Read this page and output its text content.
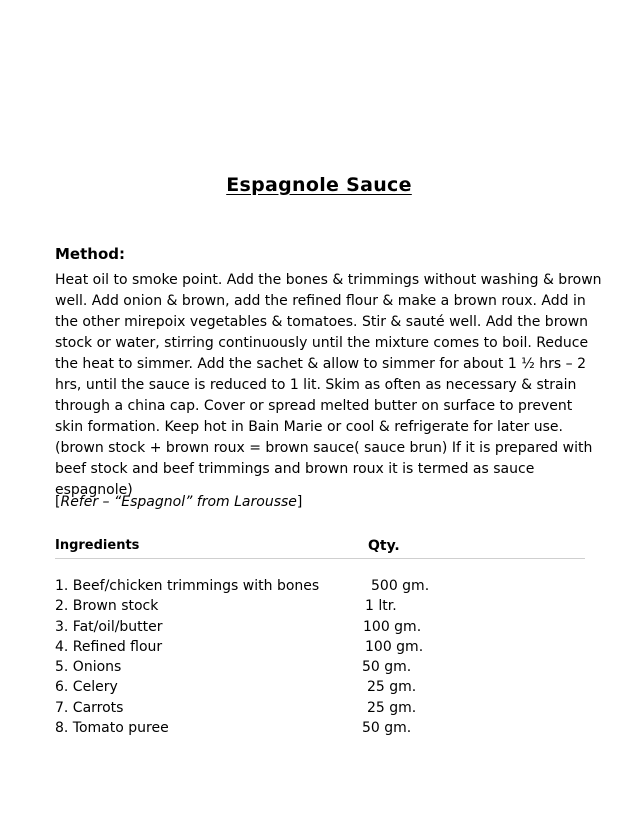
Espagnole Sauce
Method:
Heat oil to smoke point. Add the bones & trimmings without washing & brown
well. Add onion & brown, add the refined flour & make a brown roux. Add in
the other mirepoix vegetables & tomatoes. Stir & sauté well. Add the brown
stock or water, stirring continuously until the mixture comes to boil. Reduce
the heat to simmer. Add the sachet & allow to simmer for about 1 ½ hrs – 2
hrs, until the sauce is reduced to 1 lit. Skim as often as necessary & strain
through a china cap. Cover or spread melted butter on surface to prevent
skin formation. Keep hot in Bain Marie or cool & refrigerate for later use.
(brown stock + brown roux = brown sauce( sauce brun) If it is prepared with
beef stock and beef trimmings and brown roux it is termed as sauce
espagnole)
[Refer – “Espagnol” from Larousse]
Ingredients	Qty.
1. Beef/chicken trimmings with bones	500 gm.
2. Brown stock	1 ltr.
3. Fat/oil/butter	100 gm.
4. Refined flour	100 gm.
5. Onions	50 gm.
6. Celery	25 gm.
7. Carrots	25 gm.
8. Tomato puree	50 gm.
